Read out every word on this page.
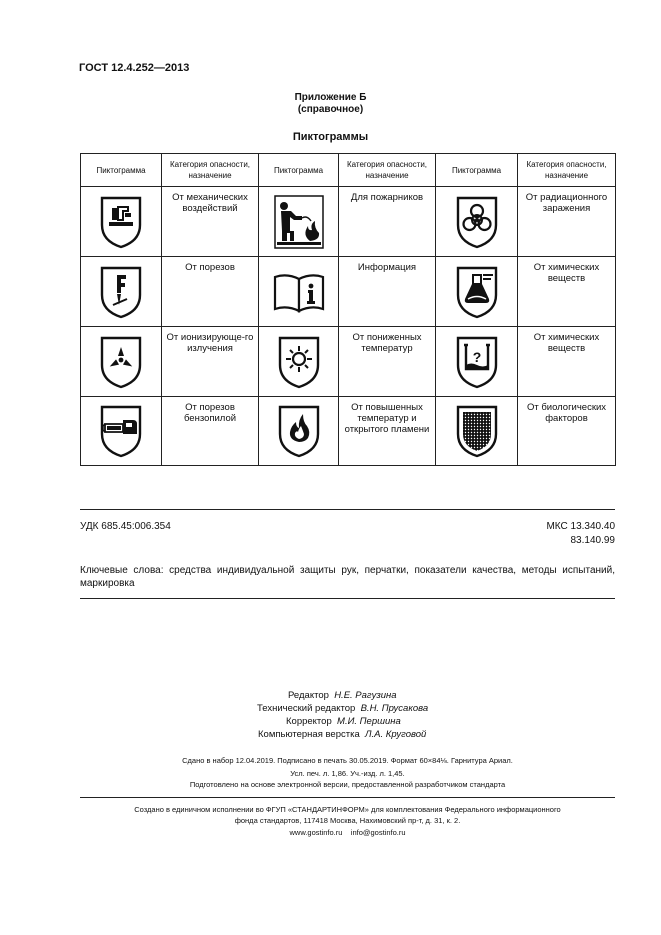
ГОСТ 12.4.252—2013
Приложение Б
(справочное)
Пиктограммы
Пиктограмма	Категория опасности, назначение	Пиктограмма	Категория опасности, назначение	Пиктограмма	Категория опасности, назначение

	От механических воздействий		Для пожарников		От радиационного заражения

	От порезов		Информация		От химических веществ

	От ионизирующе-го излучения		От пониженных температур	?	От химических веществ

	От порезов бензопилой		От повышенных температур и открытого пламени		От биологических факторов
УДК 685.45:006.354	МКС 13.340.40
83.140.99
Ключевые слова: средства индивидуальной защиты рук, перчатки, показатели качества, методы испытаний, маркировка
Редактор Н.Е. Рагузина
Технический редактор В.Н. Прусакова
Корректор М.И. Першина
Компьютерная верстка Л.А. Круговой
Сдано в набор 12.04.2019. Подписано в печать 30.05.2019. Формат 60×84⅛. Гарнитура Ариал.
Усл. печ. л. 1,86. Уч.-изд. л. 1,45.
Подготовлено на основе электронной версии, предоставленной разработчиком стандарта
Создано в единичном исполнении во ФГУП «СТАНДАРТИНФОРМ» для комплектования Федерального информационного
фонда стандартов, 117418 Москва, Нахимовский пр-т, д. 31, к. 2.
www.gostinfo.ru info@gostinfo.ru
